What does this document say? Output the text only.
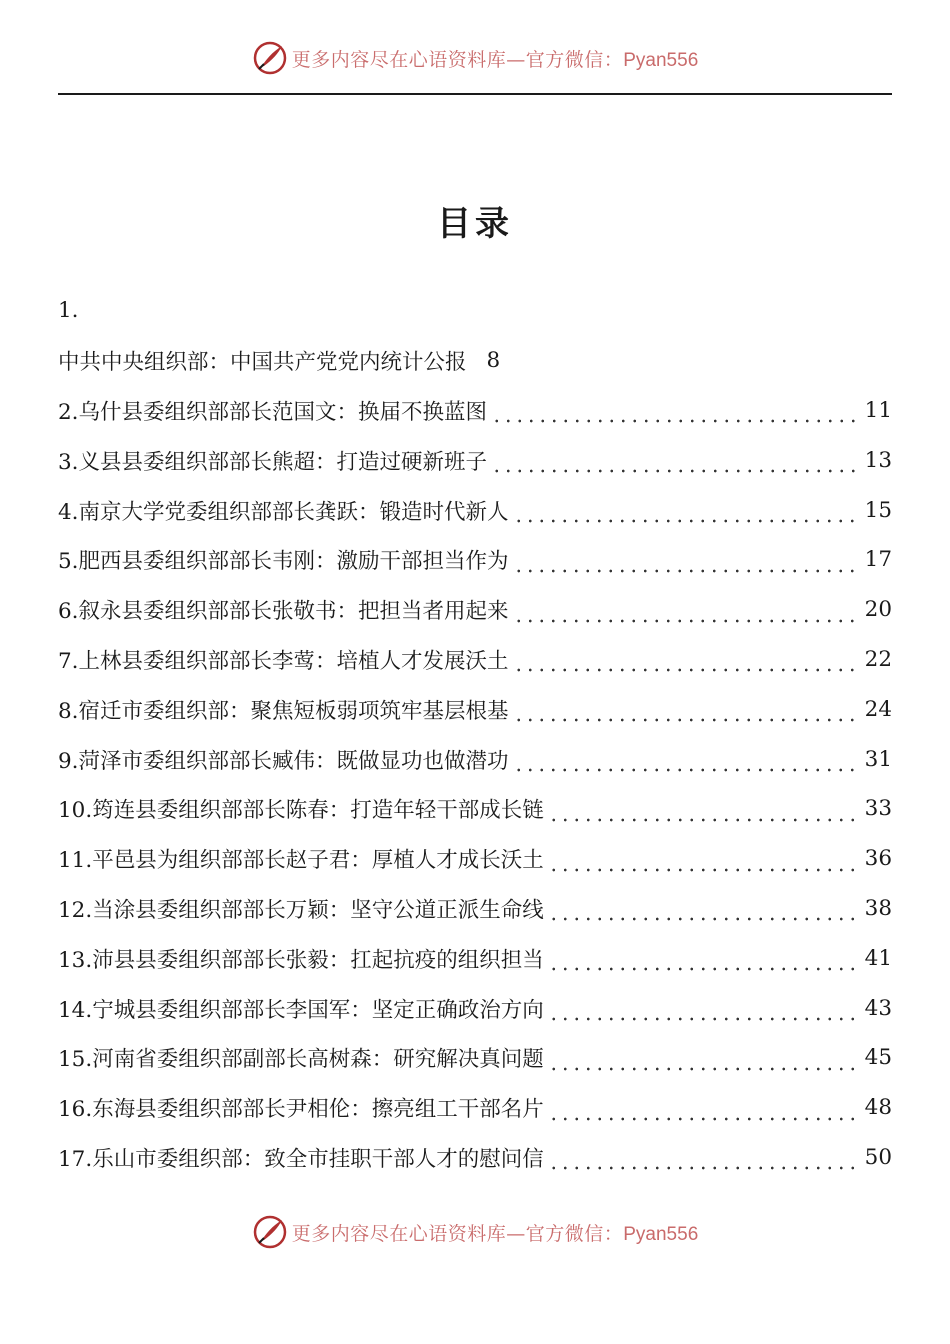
更多内容尽在心语资料库—官方微信：Pyan556
目录
1.
中共中央组织部：中国共产党党内统计公报 8
2.乌什县委组织部部长范国文：换届不换蓝图	11
3.义县县委组织部部长熊超：打造过硬新班子	13
4.南京大学党委组织部部长龚跃：锻造时代新人	15
5.肥西县委组织部部长韦刚：激励干部担当作为	17
6.叙永县委组织部部长张敬书：把担当者用起来	20
7.上林县委组织部部长李莺：培植人才发展沃土	22
8.宿迁市委组织部：聚焦短板弱项筑牢基层根基	24
9.菏泽市委组织部部长臧伟：既做显功也做潜功	31
10.筠连县委组织部部长陈春：打造年轻干部成长链	33
11.平邑县为组织部部长赵子君：厚植人才成长沃土	36
12.当涂县委组织部部长万颖：坚守公道正派生命线	38
13.沛县县委组织部部长张毅：扛起抗疫的组织担当	41
14.宁城县委组织部部长李国军：坚定正确政治方向	43
15.河南省委组织部副部长高树森：研究解决真问题	45
16.东海县委组织部部长尹相伦：擦亮组工干部名片	48
17.乐山市委组织部：致全市挂职干部人才的慰问信	50
更多内容尽在心语资料库—官方微信：Pyan556
